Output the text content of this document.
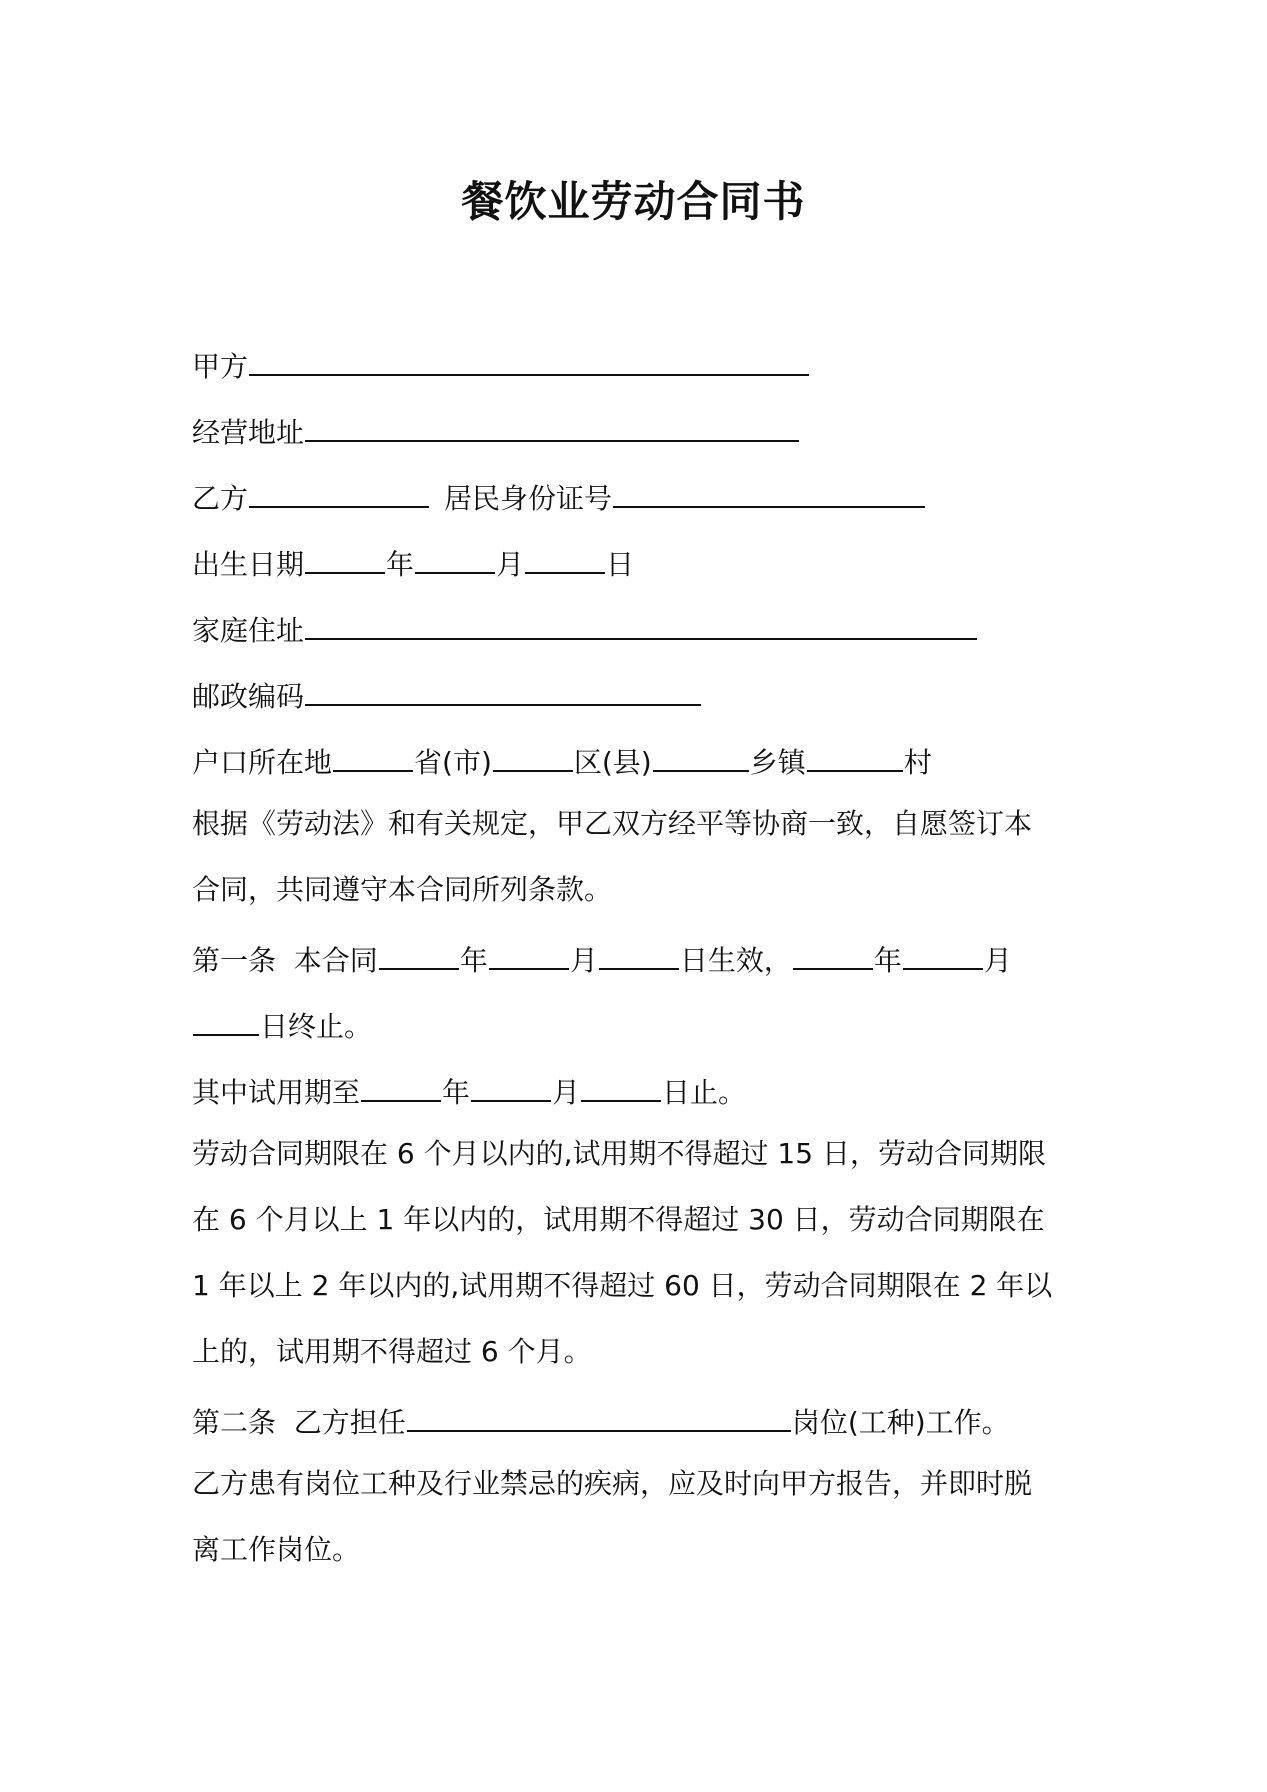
餐饮业劳动合同书
甲方
经营地址
乙方	居民身份证号
出生日期	年	月	日
家庭住址
邮政编码
户口所在地	省(市)	区(县)	乡镇	村
根据《劳动法》和有关规定，甲乙双方经平等协商一致，自愿签订本
合同，共同遵守本合同所列条款。
第一条  本合同	年	月	日生效，	年	月
日终止。
其中试用期至	年	月	日止。
劳动合同期限在 6 个月以内的,试用期不得超过 15 日，劳动合同期限
在 6 个月以上 1 年以内的，试用期不得超过 30 日，劳动合同期限在
1 年以上 2 年以内的,试用期不得超过 60 日，劳动合同期限在 2 年以
上的，试用期不得超过 6 个月。
第二条  乙方担任	岗位(工种)工作。
乙方患有岗位工种及行业禁忌的疾病，应及时向甲方报告，并即时脱
离工作岗位。
